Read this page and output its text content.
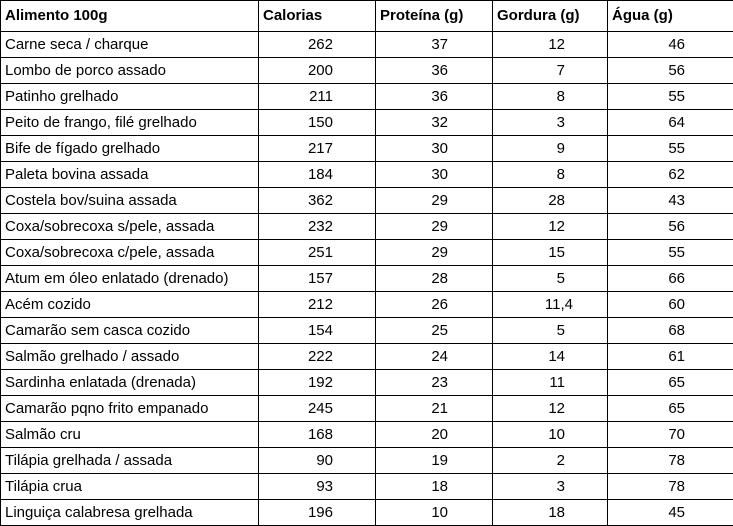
Alimento 100g	Calorias	Proteína (g)	Gordura (g)	Água (g)
Carne seca / charque	262	37	12	46
Lombo de porco assado	200	36	7	56
Patinho grelhado	211	36	8	55
Peito de frango, filé grelhado	150	32	3	64
Bife de fígado grelhado	217	30	9	55
Paleta bovina assada	184	30	8	62
Costela bov/suina assada	362	29	28	43
Coxa/sobrecoxa s/pele, assada	232	29	12	56
Coxa/sobrecoxa c/pele, assada	251	29	15	55
Atum em óleo enlatado (drenado)	157	28	5	66
Acém cozido	212	26	11,4	60
Camarão sem casca cozido	154	25	5	68
Salmão grelhado / assado	222	24	14	61
Sardinha enlatada (drenada)	192	23	11	65
Camarão pqno frito empanado	245	21	12	65
Salmão cru	168	20	10	70
Tilápia grelhada / assada	90	19	2	78
Tilápia crua	93	18	3	78
Linguiça calabresa grelhada	196	10	18	45
